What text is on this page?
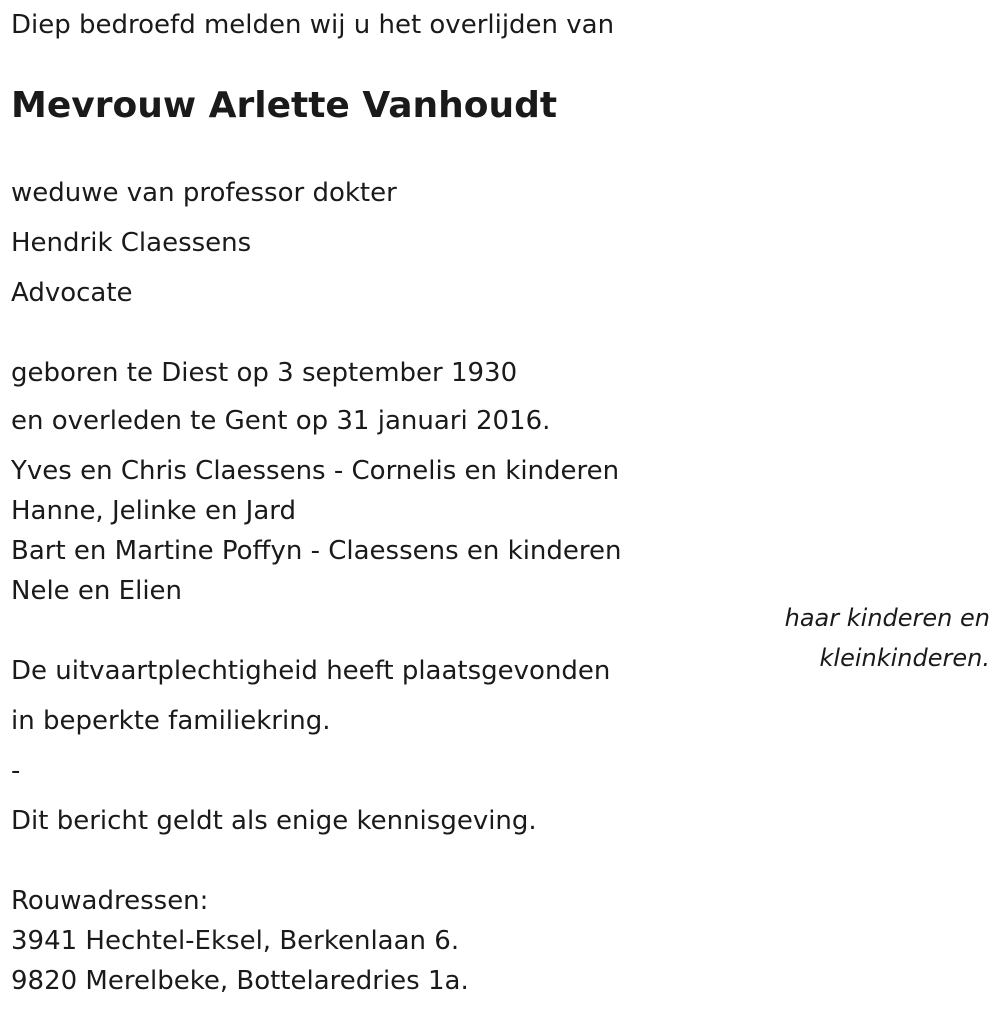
Diep bedroefd melden wij u het overlijden van
Mevrouw Arlette Vanhoudt
weduwe van professor dokter
Hendrik Claessens
Advocate
geboren te Diest op 3 september 1930
en overleden te Gent op 31 januari 2016.
Yves en Chris Claessens - Cornelis en kinderen
Hanne, Jelinke en Jard
Bart en Martine Poffyn - Claessens en kinderen
Nele en Elien
haar kinderen en
kleinkinderen.
De uitvaartplechtigheid heeft plaatsgevonden
in beperkte familiekring.
-
Dit bericht geldt als enige kennisgeving.
Rouwadressen:
3941 Hechtel-Eksel, Berkenlaan 6.
9820 Merelbeke, Bottelaredries 1a.
